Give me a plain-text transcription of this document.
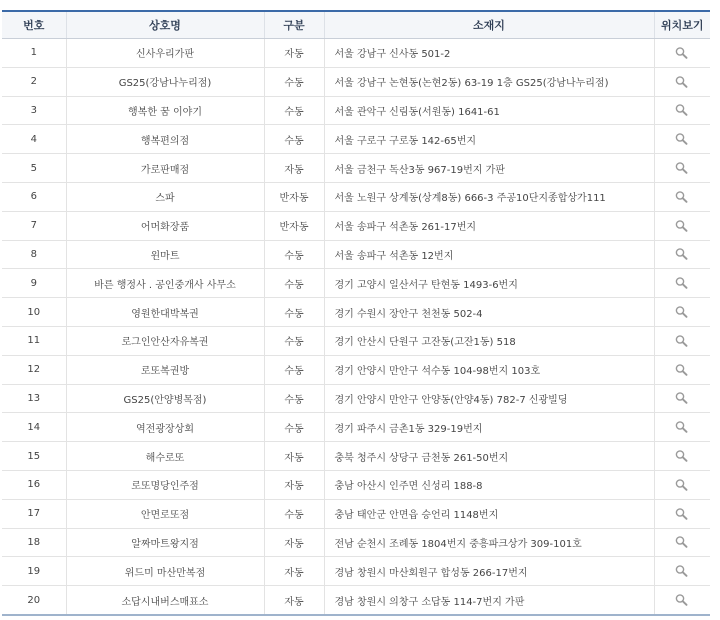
번호	상호명	구분	소재지	위치보기
1	신사우리가판	자동	서울 강남구 신사동 501-2	
2	GS25(강남나누리점)	수동	서울 강남구 논현동(논현2동) 63-19 1층 GS25(강남나누리점)	
3	행복한 꿈 이야기	수동	서울 관악구 신림동(서원동) 1641-61	
4	행복편의점	수동	서울 구로구 구로동 142-65번지	
5	가로판매점	자동	서울 금천구 독산3동 967-19번지 가판	
6	스파	반자동	서울 노원구 상계동(상계8동) 666-3 주공10단지종합상가111	
7	어머화장품	반자동	서울 송파구 석촌동 261-17번지	
8	윈마트	수동	서울 송파구 석촌동 12번지	
9	바른 행정사 . 공인중개사 사무소	수동	경기 고양시 일산서구 탄현동 1493-6번지	
10	영원한대박복권	수동	경기 수원시 장안구 천천동 502-4	
11	로그인안산자유복권	수동	경기 안산시 단원구 고잔동(고잔1동) 518	
12	로또복권방	수동	경기 안양시 만안구 석수동 104-98번지 103호	
13	GS25(안양병목점)	수동	경기 안양시 만안구 안양동(안양4동) 782-7 신광빌딩	
14	역전광장상회	수동	경기 파주시 금촌1동 329-19번지	
15	해수로또	자동	충북 청주시 상당구 금천동 261-50번지	
16	로또명당인주점	자동	충남 아산시 인주면 신성리 188-8	
17	안면로또점	수동	충남 태안군 안면읍 승언리 1148번지	
18	알짜마트왕지점	자동	전남 순천시 조례동 1804번지 중흥파크상가 309-101호	
19	위드미 마산만복점	자동	경남 창원시 마산회원구 합성동 266-17번지	
20	소답시내버스매표소	자동	경남 창원시 의창구 소답동 114-7번지 가판	
